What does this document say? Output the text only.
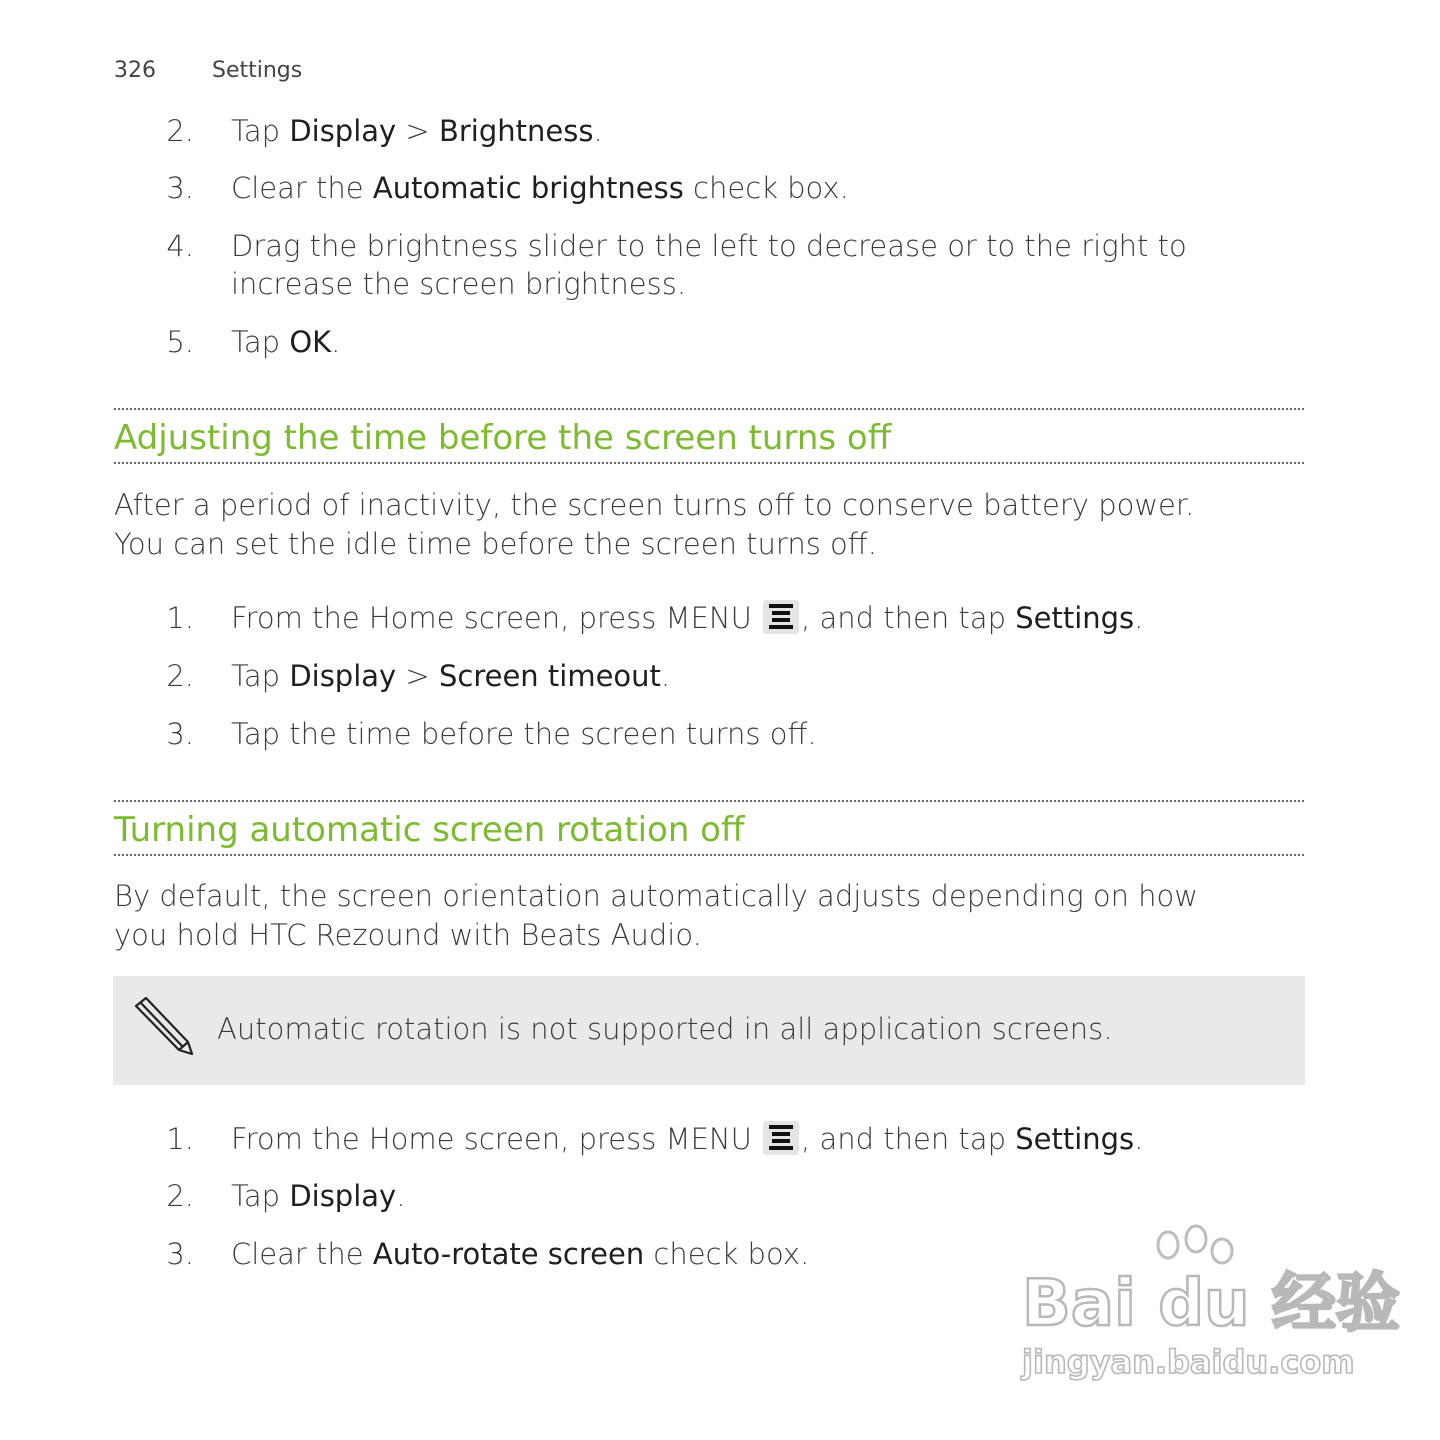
326	Settings
2. Tap Display > Brightness.
3. Clear the Automatic brightness check box.
4. Drag the brightness slider to the left to decrease or to the right to
increase the screen brightness.
5. Tap OK.
Adjusting the time before the screen turns off
After a period of inactivity, the screen turns off to conserve battery power.
You can set the idle time before the screen turns off.
1. From the Home screen, press MENU
, and then tap Settings.
2. Tap Display > Screen timeout.
3. Tap the time before the screen turns off.
Turning automatic screen rotation off
By default, the screen orientation automatically adjusts depending on how
you hold HTC Rezound with Beats Audio.
Automatic rotation is not supported in all application screens.
1. From the Home screen, press MENU
, and then tap Settings.
2. Tap Display.
3. Clear the Auto-rotate screen check box.
Bai du 经验
jingyan.baidu.com
